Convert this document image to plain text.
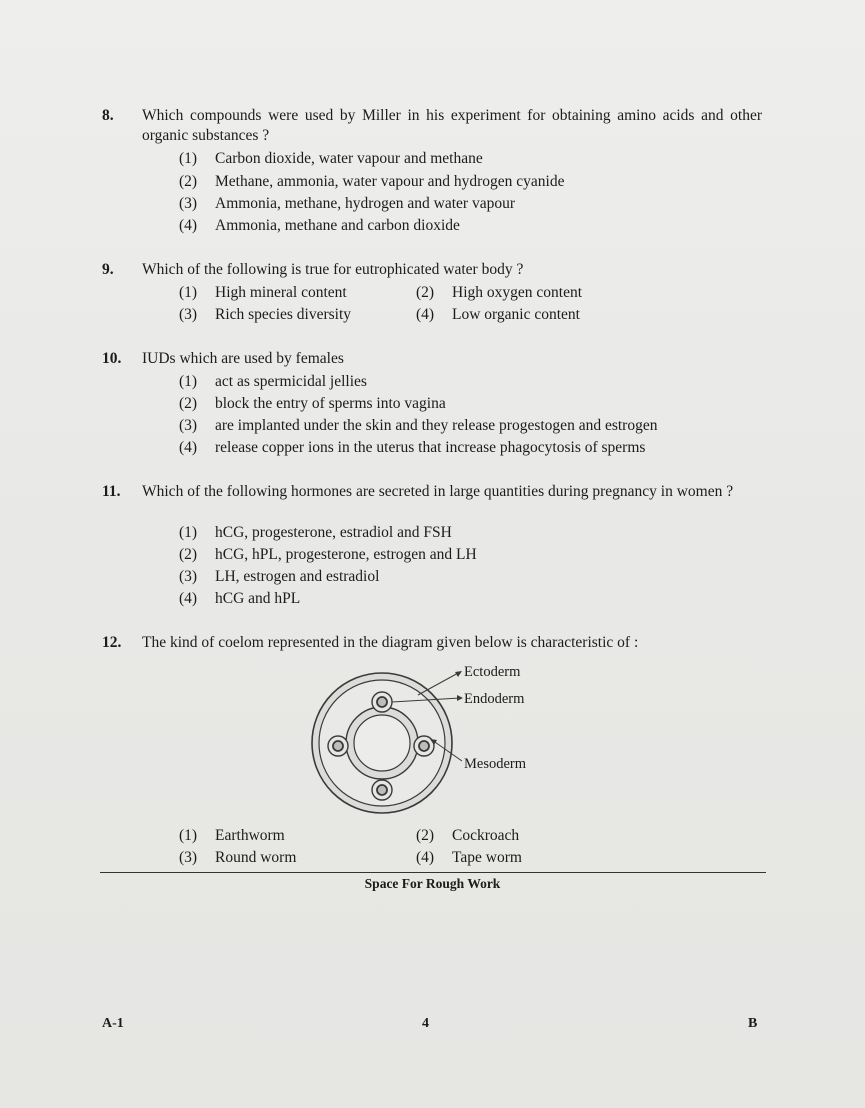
8. Which compounds were used by Miller in his experiment for obtaining amino acids and other organic substances ?
(1) Carbon dioxide, water vapour and methane
(2) Methane, ammonia, water vapour and hydrogen cyanide
(3) Ammonia, methane, hydrogen and water vapour
(4) Ammonia, methane and carbon dioxide
9. Which of the following is true for eutrophicated water body ?
(1) High mineral content	(2) High oxygen content
(3) Rich species diversity	(4) Low organic content
10. IUDs which are used by females
(1) act as spermicidal jellies
(2) block the entry of sperms into vagina
(3) are implanted under the skin and they release progestogen and estrogen
(4) release copper ions in the uterus that increase phagocytosis of sperms
11. Which of the following hormones are secreted in large quantities during pregnancy in women ?
(1) hCG, progesterone, estradiol and FSH
(2) hCG, hPL, progesterone, estrogen and LH
(3) LH, estrogen and estradiol
(4) hCG and hPL
12. The kind of coelom represented in the diagram given below is characteristic of :
Ectoderm
Endoderm
Mesoderm
(1) Earthworm	(2) Cockroach
(3) Round worm	(4) Tape worm
Space For Rough Work
A-1	4	B
